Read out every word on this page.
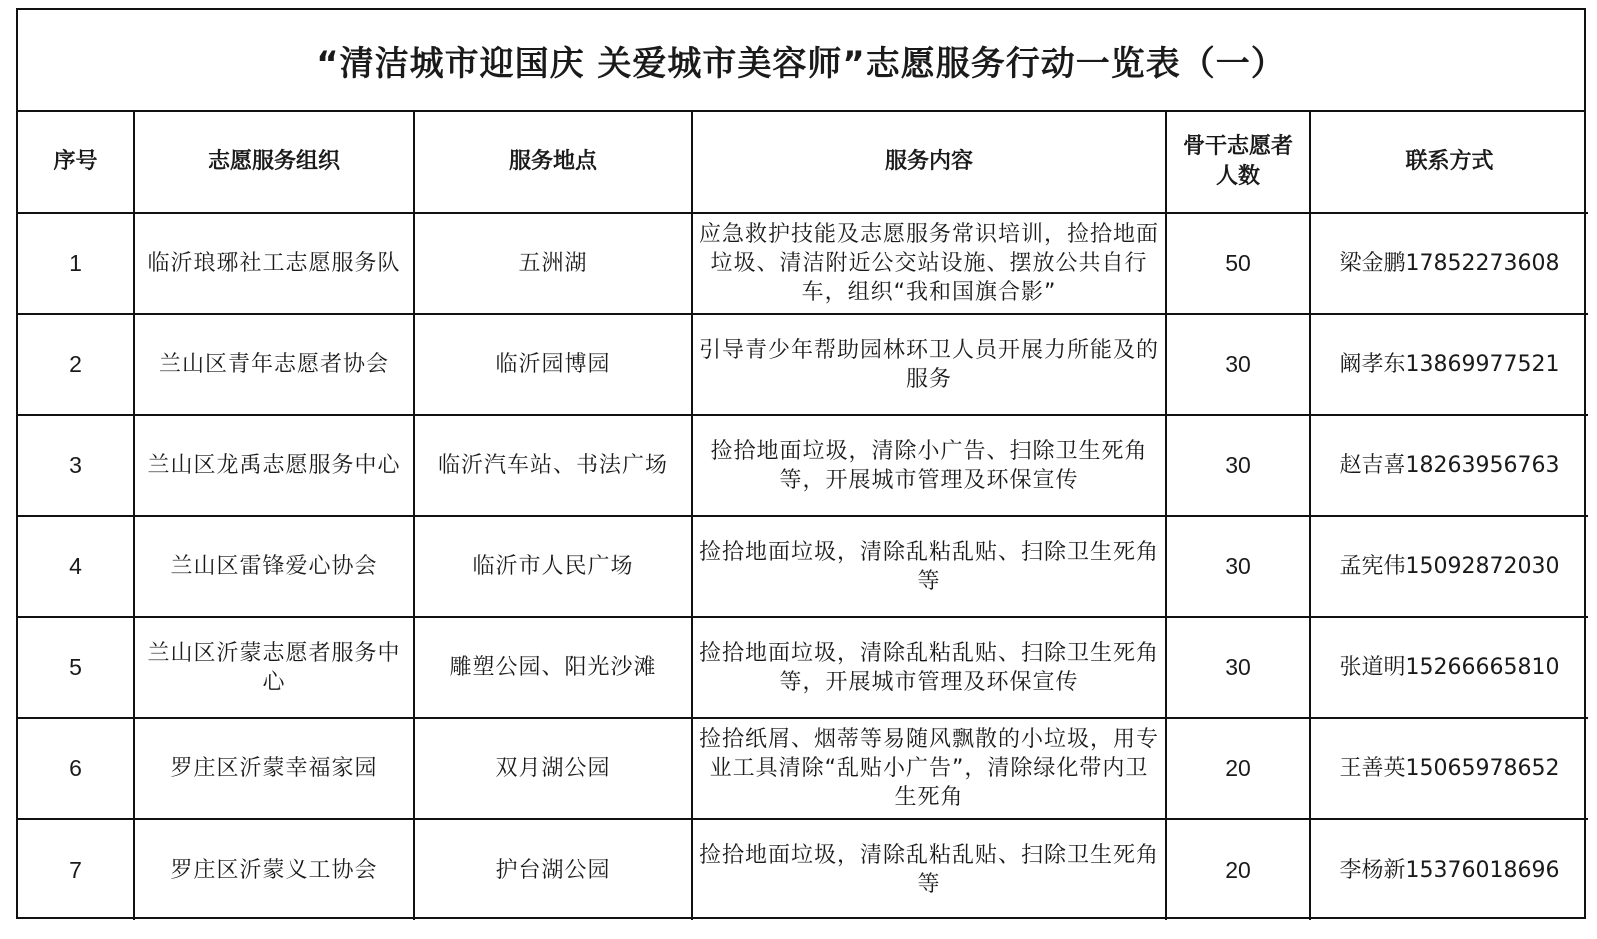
“清洁城市迎国庆 关爱城市美容师”志愿服务行动一览表（一）
序号	志愿服务组织	服务地点	服务内容	骨干志愿者人数	联系方式
1	临沂琅琊社工志愿服务队	五洲湖	应急救护技能及志愿服务常识培训，捡拾地面垃圾、清洁附近公交站设施、摆放公共自行车，组织“我和国旗合影”	50	梁金鹏17852273608
2	兰山区青年志愿者协会	临沂园博园	引导青少年帮助园林环卫人员开展力所能及的服务	30	阚孝东13869977521
3	兰山区龙禹志愿服务中心	临沂汽车站、书法广场	捡拾地面垃圾，清除小广告、扫除卫生死角等，开展城市管理及环保宣传	30	赵吉喜18263956763
4	兰山区雷锋爱心协会	临沂市人民广场	捡拾地面垃圾，清除乱粘乱贴、扫除卫生死角等	30	孟宪伟15092872030
5	兰山区沂蒙志愿者服务中心	雕塑公园、阳光沙滩	捡拾地面垃圾，清除乱粘乱贴、扫除卫生死角等，开展城市管理及环保宣传	30	张道明15266665810
6	罗庄区沂蒙幸福家园	双月湖公园	捡拾纸屑、烟蒂等易随风飘散的小垃圾，用专业工具清除“乱贴小广告”，清除绿化带内卫生死角	20	王善英15065978652
7	罗庄区沂蒙义工协会	护台湖公园	捡拾地面垃圾，清除乱粘乱贴、扫除卫生死角等	20	李杨新15376018696
